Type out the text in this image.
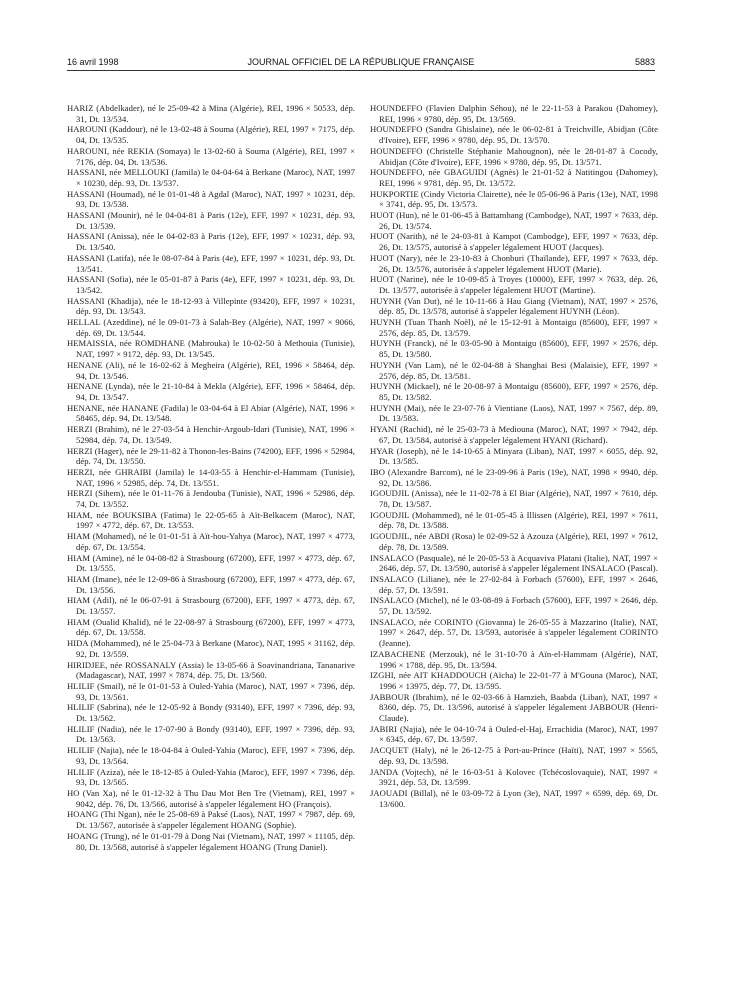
16 avril 1998	JOURNAL OFFICIEL DE LA RÉPUBLIQUE FRANÇAISE	5883

HARIZ (Abdelkader), né le 25-09-42 à Mina (Algérie), REI, 1996 × 50533, dép. 31, Dt. 13/534.

HAROUNI (Kaddour), né le 13-02-48 à Souma (Algérie), REI, 1997 × 7175, dép. 04, Dt. 13/535.

HAROUNI, née REKIA (Somaya) le 13-02-60 à Souma (Algérie), REI, 1997 × 7176, dép. 04, Dt. 13/536.

HASSANI, née MELLOUKI (Jamila) le 04-04-64 à Berkane (Maroc), NAT, 1997 × 10230, dép. 93, Dt. 13/537.

HASSANI (Houmad), né le 01-01-48 à Agdal (Maroc), NAT, 1997 × 10231, dép. 93, Dt. 13/538.

HASSANI (Mounir), né le 04-04-81 à Paris (12e), EFF, 1997 × 10231, dép. 93, Dt. 13/539.

HASSANI (Anissa), née le 04-02-83 à Paris (12e), EFF, 1997 × 10231, dép. 93, Dt. 13/540.

HASSANI (Latifa), née le 08-07-84 à Paris (4e), EFF, 1997 × 10231, dép. 93, Dt. 13/541.

HASSANI (Sofia), née le 05-01-87 à Paris (4e), EFF, 1997 × 10231, dép. 93, Dt. 13/542.

HASSANI (Khadija), née le 18-12-93 à Villepinte (93420), EFF, 1997 × 10231, dép. 93, Dt. 13/543.

HELLAL (Azeddine), né le 09-01-73 à Salah-Bey (Algérie), NAT, 1997 × 9066, dép. 69, Dt. 13/544.

HEMAISSIA, née ROMDHANE (Mabrouka) le 10-02-50 à Methouia (Tunisie), NAT, 1997 × 9172, dép. 93, Dt. 13/545.

HENANE (Ali), né le 16-02-62 à Megheira (Algérie), REI, 1996 × 58464, dép. 94, Dt. 13/546.

HENANE (Lynda), née le 21-10-84 à Mekla (Algérie), EFF, 1996 × 58464, dép. 94, Dt. 13/547.

HENANE, née HANANE (Fadila) le 03-04-64 à El Abiar (Algérie), NAT, 1996 × 58465, dép. 94, Dt. 13/548.

HERZI (Brahim), né le 27-03-54 à Henchir-Argoub-Idari (Tunisie), NAT, 1996 × 52984, dép. 74, Dt. 13/549.

HERZI (Hager), née le 29-11-82 à Thonon-les-Bains (74200), EFF, 1996 × 52984, dép. 74, Dt. 13/550.

HERZI, née GHRAIBI (Jamila) le 14-03-55 à Henchir-el-Hammam (Tunisie), NAT, 1996 × 52985, dép. 74, Dt. 13/551.

HERZI (Sihem), née le 01-11-76 à Jendouba (Tunisie), NAT, 1996 × 52986, dép. 74, Dt. 13/552.

HIAM, née BOUKSIBA (Fatima) le 22-05-65 à Aït-Belkacem (Maroc), NAT, 1997 × 4772, dép. 67, Dt. 13/553.

HIAM (Mohamed), né le 01-01-51 à Aït-hou-Yahya (Maroc), NAT, 1997 × 4773, dép. 67, Dt. 13/554.

HIAM (Amine), né le 04-08-82 à Strasbourg (67200), EFF, 1997 × 4773, dép. 67, Dt. 13/555.

HIAM (Imane), née le 12-09-86 à Strasbourg (67200), EFF, 1997 × 4773, dép. 67, Dt. 13/556.

HIAM (Adil), né le 06-07-91 à Strasbourg (67200), EFF, 1997 × 4773, dép. 67, Dt. 13/557.

HIAM (Oualid Khalid), né le 22-08-97 à Strasbourg (67200), EFF, 1997 × 4773, dép. 67, Dt. 13/558.

HIDA (Mohammed), né le 25-04-73 à Berkane (Maroc), NAT, 1995 × 31162, dép. 92, Dt. 13/559.

HIRIDJEE, née ROSSANALY (Assia) le 13-05-66 à Soavinandriana, Tananarive (Madagascar), NAT, 1997 × 7874, dép. 75, Dt. 13/560.

HLILIF (Smail), né le 01-01-53 à Ouled-Yahia (Maroc), NAT, 1997 × 7396, dép. 93, Dt. 13/561.

HLILIF (Sabrina), née le 12-05-92 à Bondy (93140), EFF, 1997 × 7396, dép. 93, Dt. 13/562.

HLILIF (Nadia), née le 17-07-90 à Bondy (93140), EFF, 1997 × 7396, dép. 93, Dt. 13/563.

HLILIF (Najia), née le 18-04-84 à Ouled-Yahia (Maroc), EFF, 1997 × 7396, dép. 93, Dt. 13/564.

HLILIF (Aziza), née le 18-12-85 à Ouled-Yahia (Maroc), EFF, 1997 × 7396, dép. 93, Dt. 13/565.

HO (Van Xa), né le 01-12-32 à Thu Dau Mot Ben Tre (Vietnam), REI, 1997 × 9042, dép. 76, Dt. 13/566, autorisé à s'appeler légalement HO (François).

HOANG (Thi Ngan), née le 25-08-69 à Paksé (Laos), NAT, 1997 × 7987, dép. 69, Dt. 13/567, autorisée à s'appeler légalement HOANG (Sophie).

HOANG (Trung), né le 01-01-79 à Dong Nai (Vietnam), NAT, 1997 × 11105, dép. 80, Dt. 13/568, autorisé à s'appeler légalement HOANG (Trung Daniel).

HOUNDEFFO (Flavien Dalphin Séhou), né le 22-11-53 à Parakou (Dahomey), REI, 1996 × 9780, dép. 95, Dt. 13/569.

HOUNDEFFO (Sandra Ghislaine), née le 06-02-81 à Treichville, Abidjan (Côte d'Ivoire), EFF, 1996 × 9780, dép. 95, Dt. 13/570.

HOUNDEFFO (Christelle Stéphanie Mahougnon), née le 28-01-87 à Cocody, Abidjan (Côte d'Ivoire), EFF, 1996 × 9780, dép. 95, Dt. 13/571.

HOUNDEFFO, née GBAGUIDI (Agnès) le 21-01-52 à Natitingou (Dahomey), REI, 1996 × 9781, dép. 95, Dt. 13/572.

HUKPORTIE (Cindy Victoria Clairette), née le 05-06-96 à Paris (13e), NAT, 1998 × 3741, dép. 95, Dt. 13/573.

HUOT (Hun), né le 01-06-45 à Battambang (Cambodge), NAT, 1997 × 7633, dép. 26, Dt. 13/574.

HUOT (Narith), né le 24-03-81 à Kampot (Cambodge), EFF, 1997 × 7633, dép. 26, Dt. 13/575, autorisé à s'appeler légalement HUOT (Jacques).

HUOT (Nary), née le 23-10-83 à Chonburi (Thaïlande), EFF, 1997 × 7633, dép. 26, Dt. 13/576, autorisée à s'appeler légalement HUOT (Marie).

HUOT (Narine), née le 10-09-85 à Troyes (10000), EFF, 1997 × 7633, dép. 26, Dt. 13/577, autorisée à s'appeler légalement HUOT (Martine).

HUYNH (Van Dut), né le 10-11-66 à Hau Giang (Vietnam), NAT, 1997 × 2576, dép. 85, Dt. 13/578, autorisé à s'appeler légalement HUYNH (Léon).

HUYNH (Tuan Thanh Noël), né le 15-12-91 à Montaigu (85600), EFF, 1997 × 2576, dép. 85, Dt. 13/579.

HUYNH (Franck), né le 03-05-90 à Montaigu (85600), EFF, 1997 × 2576, dép. 85, Dt. 13/580.

HUYNH (Van Lam), né le 02-04-88 à Shanghai Besi (Malaisie), EFF, 1997 × 2576, dép. 85, Dt. 13/581.

HUYNH (Mickael), né le 20-08-97 à Montaigu (85600), EFF, 1997 × 2576, dép. 85, Dt. 13/582.

HUYNH (Mai), née le 23-07-76 à Vientiane (Laos), NAT, 1997 × 7567, dép. 89, Dt. 13/583.

HYANI (Rachid), né le 25-03-73 à Mediouna (Maroc), NAT, 1997 × 7942, dép. 67, Dt. 13/584, autorisé à s'appeler légalement HYANI (Richard).

HYAR (Joseph), né le 14-10-65 à Minyara (Liban), NAT, 1997 × 6055, dép. 92, Dt. 13/585.

IBO (Alexandre Barcom), né le 23-09-96 à Paris (19e), NAT, 1998 × 9940, dép. 92, Dt. 13/586.

IGOUDJIL (Anissa), née le 11-02-78 à El Biar (Algérie), NAT, 1997 × 7610, dép. 78, Dt. 13/587.

IGOUDJIL (Mohammed), né le 01-05-45 à Illissen (Algérie), REI, 1997 × 7611, dép. 78, Dt. 13/588.

IGOUDJIL, née ABDI (Rosa) le 02-09-52 à Azouza (Algérie), REI, 1997 × 7612, dép. 78, Dt. 13/589.

INSALACO (Pasquale), né le 20-05-53 à Acquaviva Platani (Italie), NAT, 1997 × 2646, dép. 57, Dt. 13/590, autorisé à s'appeler légalement INSALACO (Pascal).

INSALACO (Liliane), née le 27-02-84 à Forbach (57600), EFF, 1997 × 2646, dép. 57, Dt. 13/591.

INSALACO (Michel), né le 03-08-89 à Forbach (57600), EFF, 1997 × 2646, dép. 57, Dt. 13/592.

INSALACO, née CORINTO (Giovanna) le 26-05-55 à Mazzarino (Italie), NAT, 1997 × 2647, dép. 57, Dt. 13/593, autorisée à s'appeler légalement CORINTO (Jeanne).

IZABACHENE (Merzouk), né le 31-10-70 à Aïn-el-Hammam (Algérie), NAT, 1996 × 1788, dép. 95, Dt. 13/594.

IZGHI, née AIT KHADDOUCH (Aïcha) le 22-01-77 à M'Gouna (Maroc), NAT, 1996 × 13975, dép. 77, Dt. 13/595.

JABBOUR (Ibrahim), né le 02-03-66 à Hamzieh, Baabda (Liban), NAT, 1997 × 8360, dép. 75, Dt. 13/596, autorisé à s'appeler légalement JABBOUR (Henri-Claude).

JABIRI (Najia), née le 04-10-74 à Ouled-el-Haj, Errachidia (Maroc), NAT, 1997 × 6345, dép. 67, Dt. 13/597.

JACQUET (Haly), né le 26-12-75 à Port-au-Prince (Haïti), NAT, 1997 × 5565, dép. 93, Dt. 13/598.

JANDA (Vojtech), né le 16-03-51 à Kolovec (Tchécoslovaquie), NAT, 1997 × 3921, dép. 53, Dt. 13/599.

JAOUADI (Billal), né le 03-09-72 à Lyon (3e), NAT, 1997 × 6599, dép. 69, Dt. 13/600.
